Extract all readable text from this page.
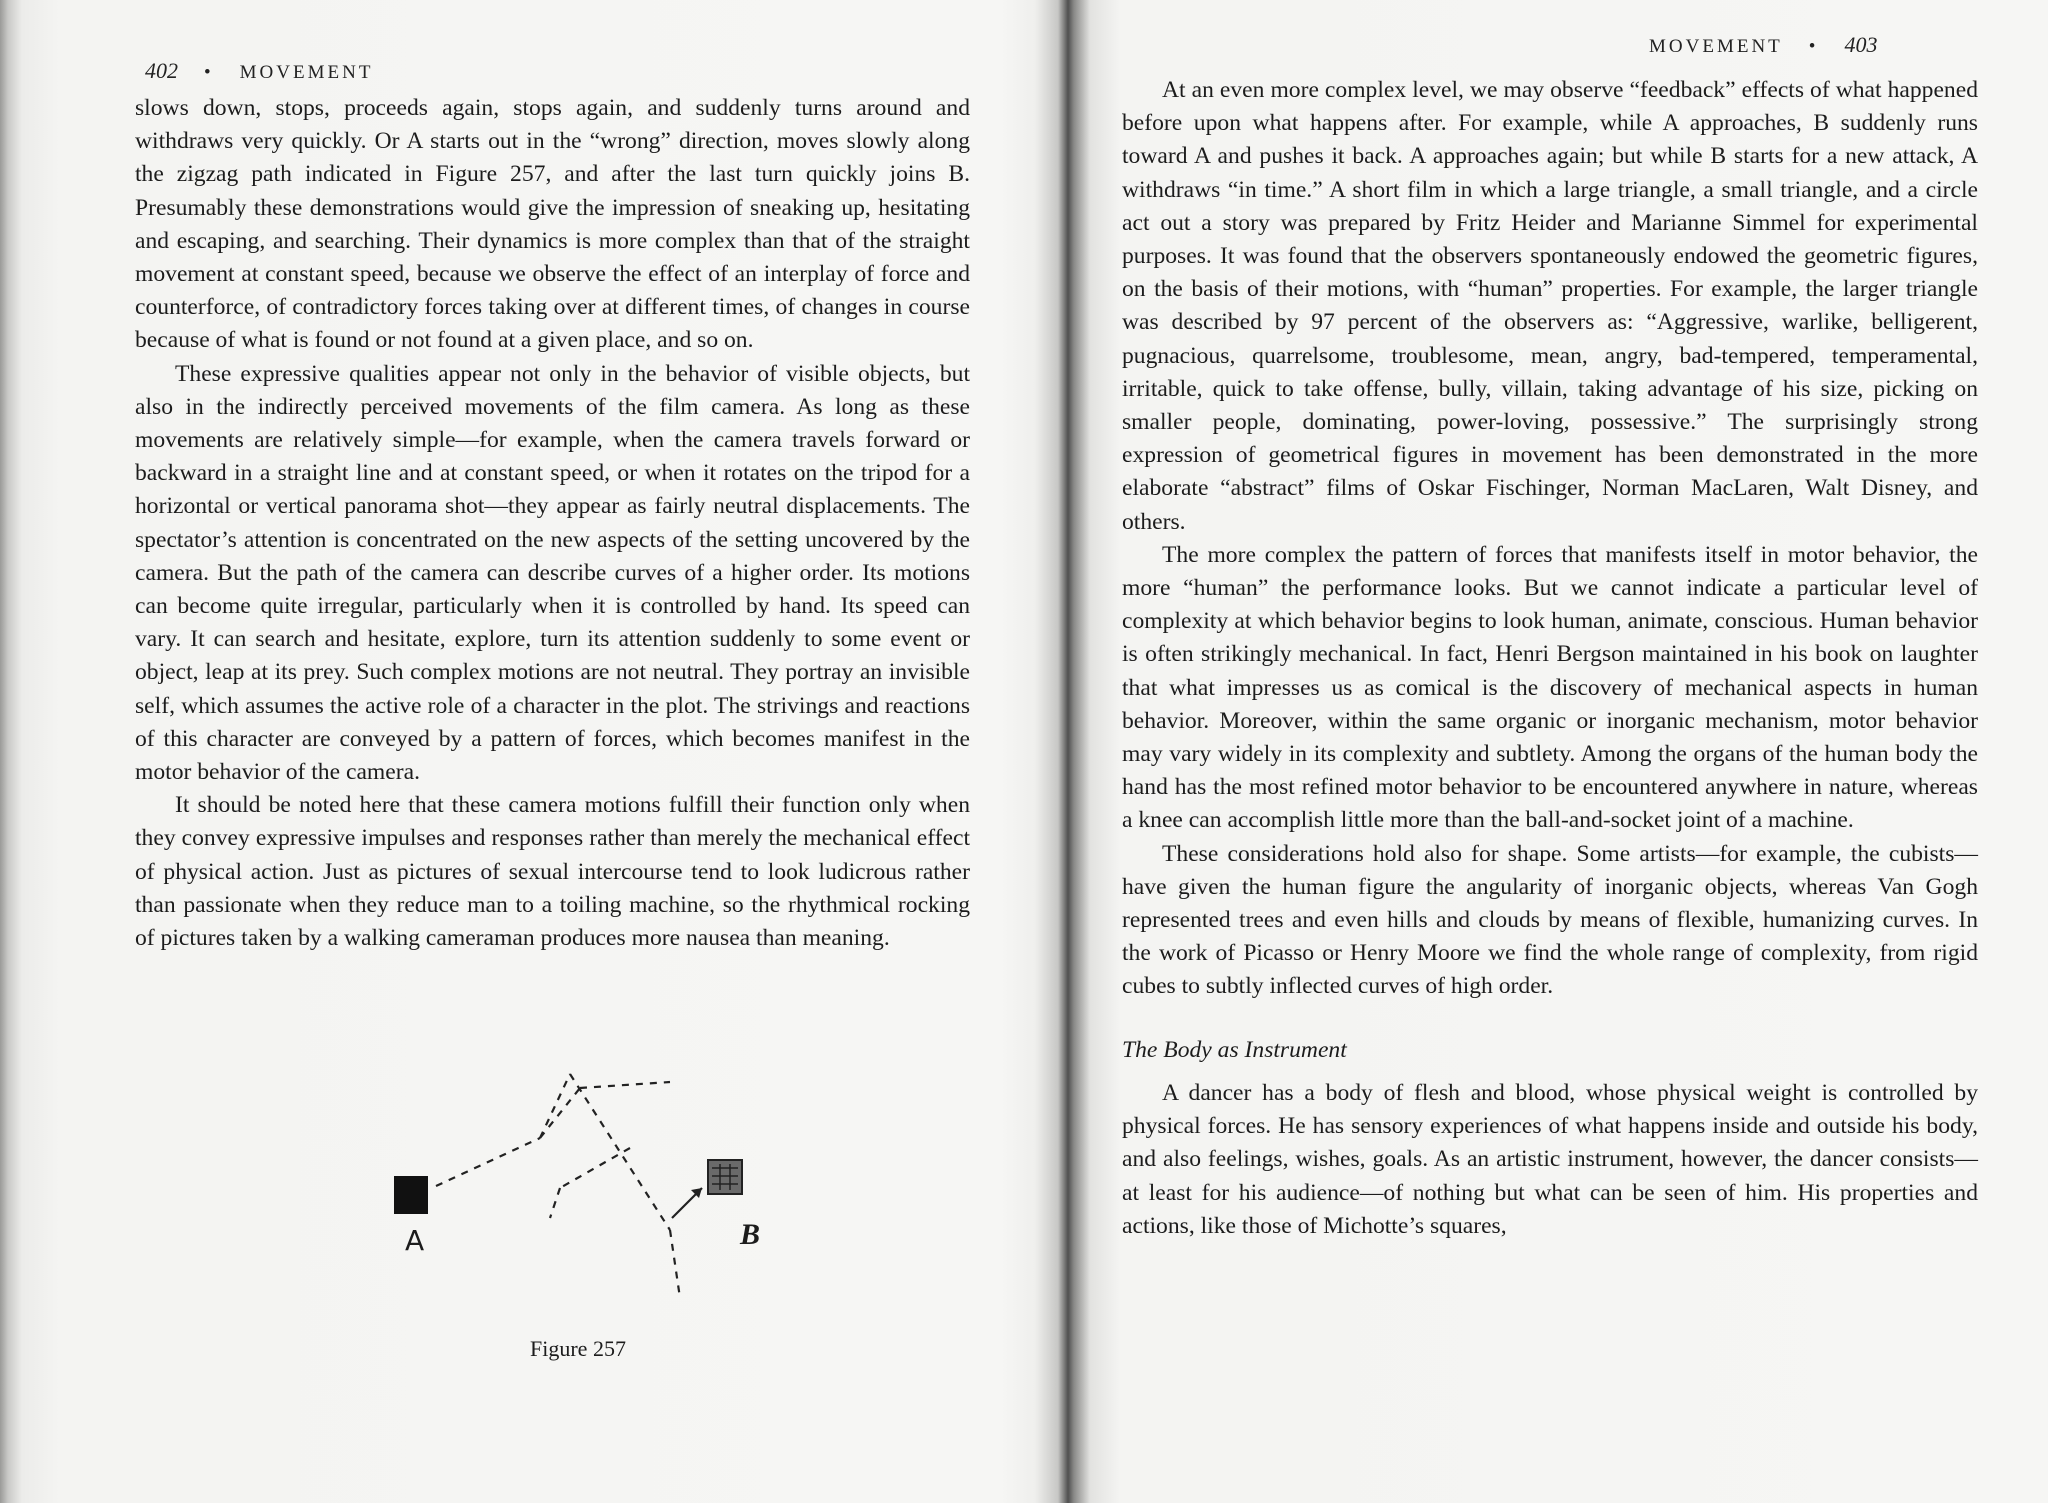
402 • MOVEMENT

slows down, stops, proceeds again, stops again, and suddenly turns around and withdraws very quickly. Or A starts out in the “wrong” direction, moves slowly along the zigzag path indicated in Figure 257, and after the last turn quickly joins B. Presumably these demonstrations would give the impression of sneaking up, hesitating and escaping, and searching. Their dynamics is more complex than that of the straight movement at constant speed, because we observe the effect of an interplay of force and counterforce, of contradictory forces taking over at different times, of changes in course because of what is found or not found at a given place, and so on.

These expressive qualities appear not only in the behavior of visible objects, but also in the indirectly perceived movements of the film camera. As long as these movements are relatively simple—for example, when the camera travels forward or backward in a straight line and at constant speed, or when it rotates on the tripod for a horizontal or vertical panorama shot—they appear as fairly neutral displacements. The spectator’s attention is concentrated on the new aspects of the setting uncovered by the camera. But the path of the camera can describe curves of a higher order. Its motions can become quite irregular, particularly when it is controlled by hand. Its speed can vary. It can search and hesitate, explore, turn its attention suddenly to some event or object, leap at its prey. Such complex motions are not neutral. They portray an invisible self, which assumes the active role of a character in the plot. The strivings and reactions of this character are conveyed by a pattern of forces, which becomes manifest in the motor behavior of the camera.

It should be noted here that these camera motions fulfill their function only when they convey expressive impulses and responses rather than merely the mechanical effect of physical action. Just as pictures of sexual intercourse tend to look ludicrous rather than passionate when they reduce man to a toiling machine, so the rhythmical rocking of pictures taken by a walking cameraman produces more nausea than meaning.

A	B
Figure 257
MOVEMENT • 403

At an even more complex level, we may observe “feedback” effects of what happened before upon what happens after. For example, while A approaches, B suddenly runs toward A and pushes it back. A approaches again; but while B starts for a new attack, A withdraws “in time.” A short film in which a large triangle, a small triangle, and a circle act out a story was prepared by Fritz Heider and Marianne Simmel for experimental purposes. It was found that the observers spontaneously endowed the geometric figures, on the basis of their motions, with “human” properties. For example, the larger triangle was described by 97 percent of the observers as: “Aggressive, warlike, belligerent, pugnacious, quarrelsome, troublesome, mean, angry, bad-tempered, temperamental, irritable, quick to take offense, bully, villain, taking advantage of his size, picking on smaller people, dominating, power-loving, possessive.” The surprisingly strong expression of geometrical figures in movement has been demonstrated in the more elaborate “abstract” films of Oskar Fischinger, Norman MacLaren, Walt Disney, and others.

The more complex the pattern of forces that manifests itself in motor behavior, the more “human” the performance looks. But we cannot indicate a particular level of complexity at which behavior begins to look human, animate, conscious. Human behavior is often strikingly mechanical. In fact, Henri Bergson maintained in his book on laughter that what impresses us as comical is the discovery of mechanical aspects in human behavior. Moreover, within the same organic or inorganic mechanism, motor behavior may vary widely in its complexity and subtlety. Among the organs of the human body the hand has the most refined motor behavior to be encountered anywhere in nature, whereas a knee can accomplish little more than the ball-and-socket joint of a machine.

These considerations hold also for shape. Some artists—for example, the cubists—have given the human figure the angularity of inorganic objects, whereas Van Gogh represented trees and even hills and clouds by means of flexible, humanizing curves. In the work of Picasso or Henry Moore we find the whole range of complexity, from rigid cubes to subtly inflected curves of high order.

The Body as Instrument

A dancer has a body of flesh and blood, whose physical weight is controlled by physical forces. He has sensory experiences of what happens inside and outside his body, and also feelings, wishes, goals. As an artistic instrument, however, the dancer consists—at least for his audience—of nothing but what can be seen of him. His properties and actions, like those of Michotte’s squares,
